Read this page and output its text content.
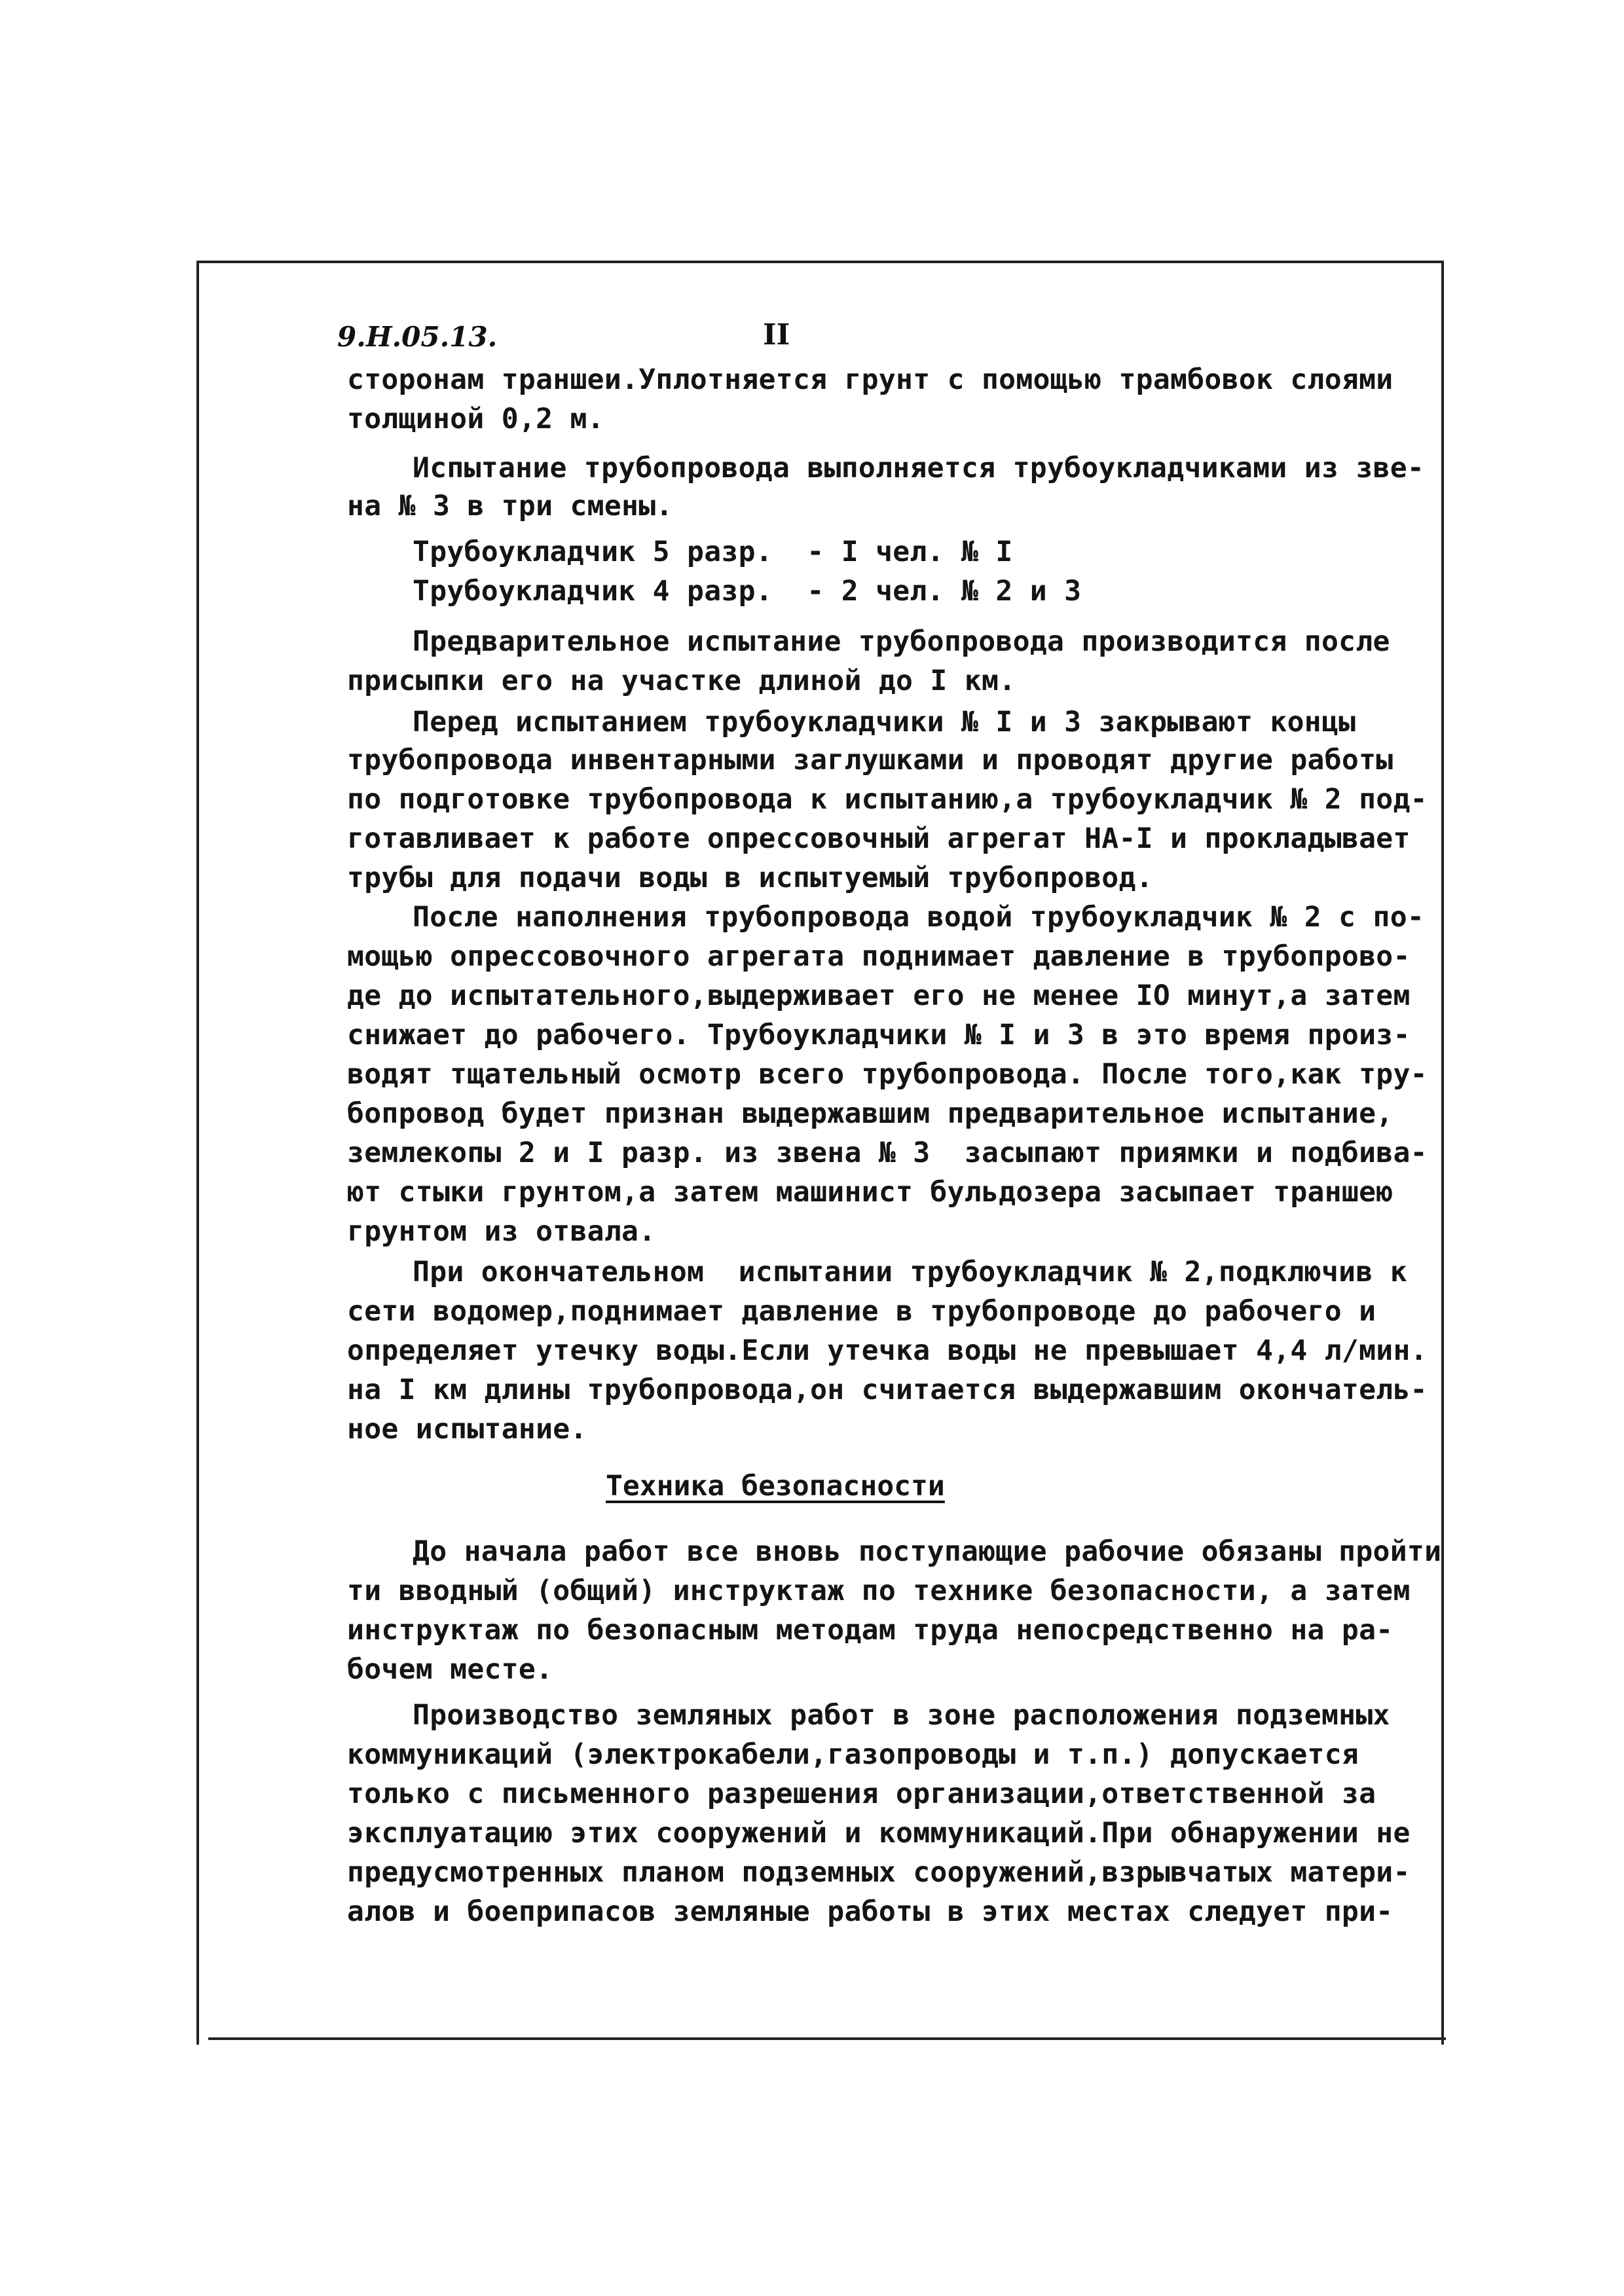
9.Н.05.13.	II
сторонам траншеи.Уплотняется грунт с помощью трамбовок слоями
толщиной 0,2 м.
Испытание трубопровода выполняется трубоукладчиками из зве-
на № 3 в три смены.
Трубоукладчик 5 разр.  - I чел. № I
Трубоукладчик 4 разр.  - 2 чел. № 2 и 3
Предварительное испытание трубопровода производится после
присыпки его на участке длиной до I км.
Перед испытанием трубоукладчики № I и 3 закрывают концы
трубопровода инвентарными заглушками и проводят другие работы
по подготовке трубопровода к испытанию,а трубоукладчик № 2 под-
готавливает к работе опрессовочный агрегат НА-I и прокладывает
трубы для подачи воды в испытуемый трубопровод.
После наполнения трубопровода водой трубоукладчик № 2 с по-
мощью опрессовочного агрегата поднимает давление в трубопрово-
де до испытательного,выдерживает его не менее IO минут,а затем
снижает до рабочего. Трубоукладчики № I и 3 в это время произ-
водят тщательный осмотр всего трубопровода. После того,как тру-
бопровод будет признан выдержавшим предварительное испытание,
землекопы 2 и I разр. из звена № 3  засыпают приямки и подбива-
ют стыки грунтом,а затем машинист бульдозера засыпает траншею
грунтом из отвала.
При окончательном  испытании трубоукладчик № 2,подключив к
сети водомер,поднимает давление в трубопроводе до рабочего и
определяет утечку воды.Если утечка воды не превышает 4,4 л/мин.
на I км длины трубопровода,он считается выдержавшим окончатель-
ное испытание.
Техника безопасности
До начала работ все вновь поступающие рабочие обязаны пройти
ти вводный (общий) инструктаж по технике безопасности, а затем
инструктаж по безопасным методам труда непосредственно на ра-
бочем месте.
Производство земляных работ в зоне расположения подземных
коммуникаций (электрокабели,газопроводы и т.п.) допускается
только с письменного разрешения организации,ответственной за
эксплуатацию этих сооружений и коммуникаций.При обнаружении не
предусмотренных планом подземных сооружений,взрывчатых матери-
алов и боеприпасов земляные работы в этих местах следует при-
